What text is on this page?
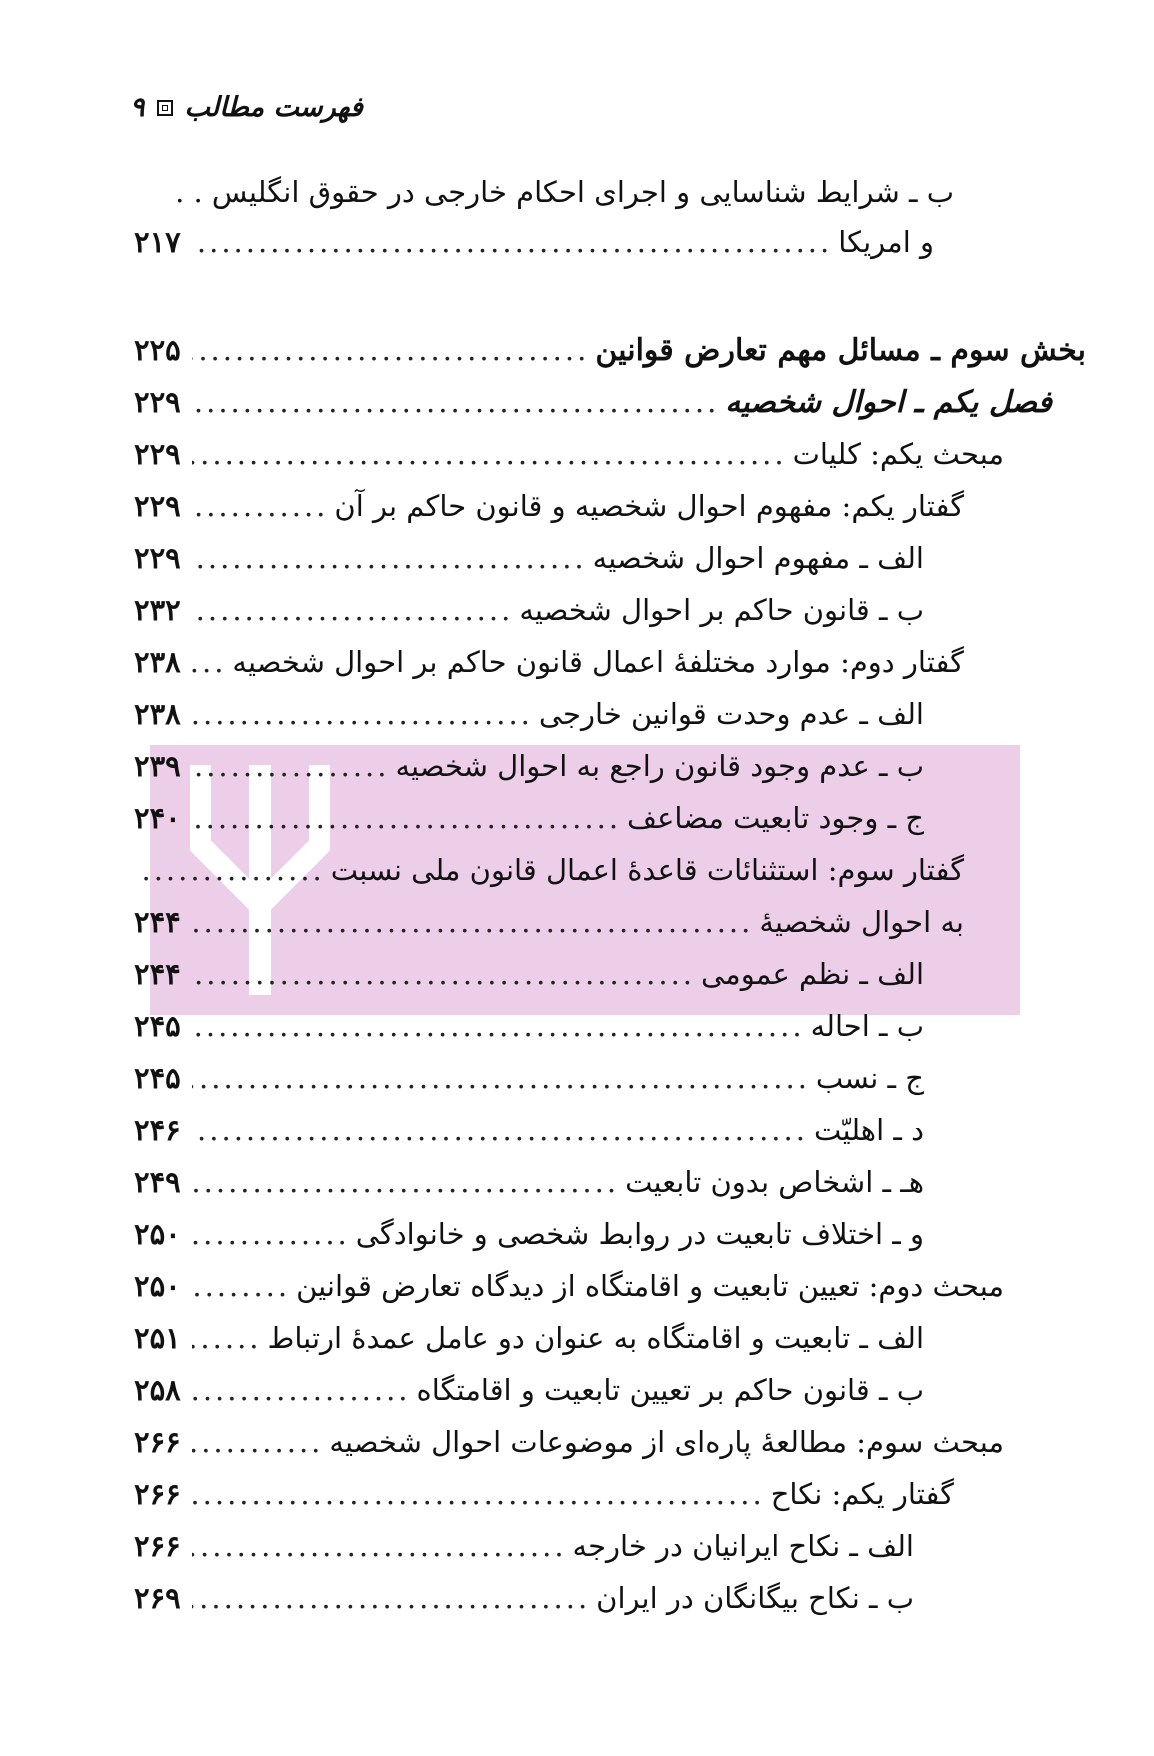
فهرست مطالب
۹
ب ـ شرایط شناسایی و اجرای احکام خارجی در حقوق انگلیس . .
و امریکا
.....
۲۱۷
بخش سوم ـ مسائل مهم تعارض قوانین
.....
۲۲۵
فصل یکم ـ احوال شخصیه
.....
۲۲۹
مبحث یکم: کلیات
.....
۲۲۹
گفتار یکم: مفهوم احوال شخصیه و قانون حاکم بر آن
.....
۲۲۹
الف ـ مفهوم احوال شخصیه
.....
۲۲۹
ب ـ قانون حاکم بر احوال شخصیه
.....
۲۳۲
گفتار دوم: موارد مختلفهٔ اعمال قانون حاکم بر احوال شخصیه
.....
۲۳۸
الف ـ عدم وحدت قوانین خارجی
.....
۲۳۸
ب ـ عدم وجود قانون راجع به احوال شخصیه
.....
۲۳۹
ج ـ وجود تابعیت مضاعف
.....
۲۴۰
گفتار سوم: استثنائات قاعدهٔ اعمال قانون ملی نسبت
.....
به احوال شخصیهٔ
.....
۲۴۴
الف ـ نظم عمومی
.....
۲۴۴
ب ـ احاله
.....
۲۴۵
ج ـ نسب
.....
۲۴۵
د ـ اهلیّت
.....
۲۴۶
هـ ـ اشخاص بدون تابعیت
.....
۲۴۹
و ـ اختلاف تابعیت در روابط شخصی و خانوادگی
.....
۲۵۰
مبحث دوم: تعیین تابعیت و اقامتگاه از دیدگاه تعارض قوانین
.....
۲۵۰
الف ـ تابعیت و اقامتگاه به عنوان دو عامل عمدهٔ ارتباط
.....
۲۵۱
ب ـ قانون حاکم بر تعیین تابعیت و اقامتگاه
.....
۲۵۸
مبحث سوم: مطالعهٔ پاره‌ای از موضوعات احوال شخصیه
.....
۲۶۶
گفتار یکم: نکاح
.....
۲۶۶
الف ـ نکاح ایرانیان در خارجه
.....
۲۶۶
ب ـ نکاح بیگانگان در ایران
.....
۲۶۹
